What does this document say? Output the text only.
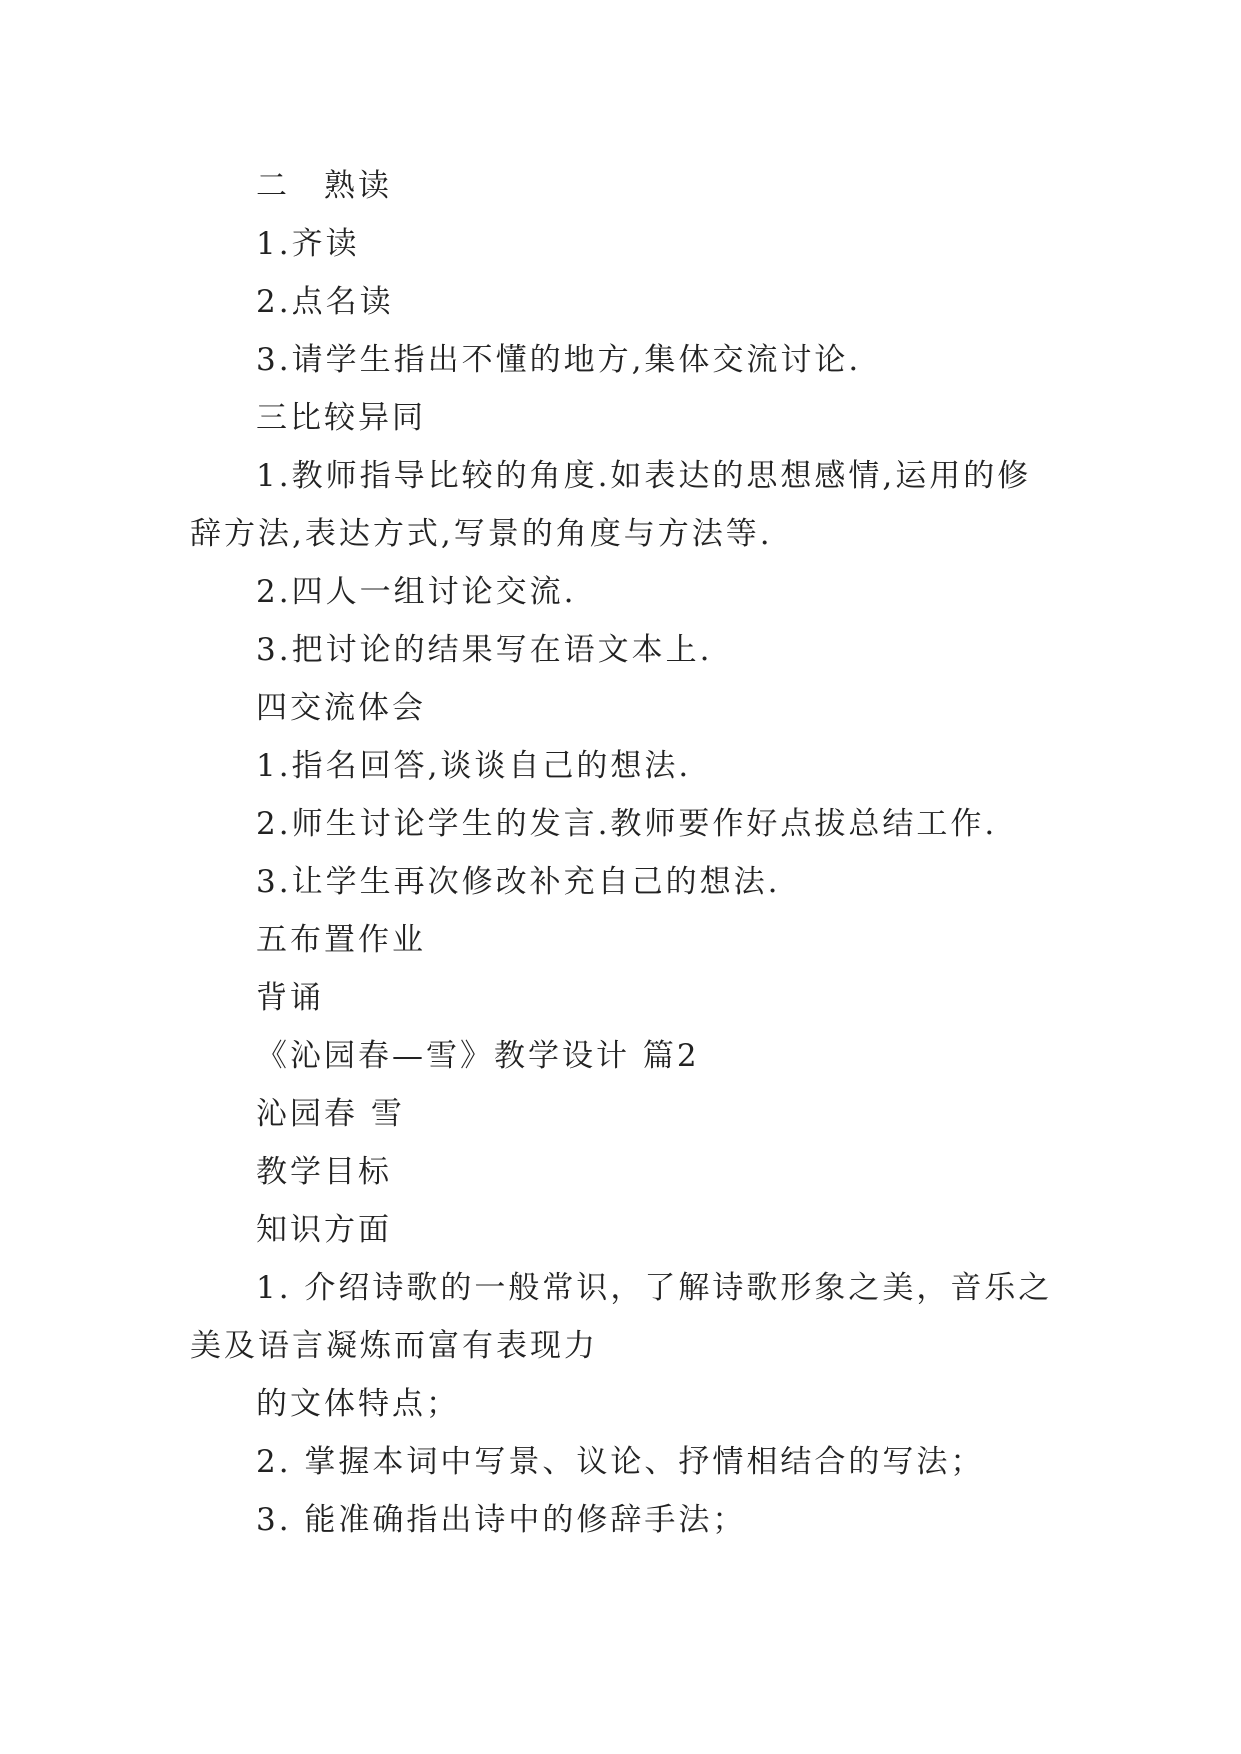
二　熟读
1.齐读
2.点名读
3.请学生指出不懂的地方,集体交流讨论.
三比较异同
1.教师指导比较的角度.如表达的思想感情,运用的修
辞方法,表达方式,写景的角度与方法等.
2.四人一组讨论交流.
3.把讨论的结果写在语文本上.
四交流体会
1.指名回答,谈谈自己的想法.
2.师生讨论学生的发言.教师要作好点拔总结工作.
3.让学生再次修改补充自己的想法.
五布置作业
背诵
《沁园春—雪》教学设计 篇2
沁园春 雪
教学目标
知识方面
1. 介绍诗歌的一般常识，了解诗歌形象之美，音乐之
美及语言凝炼而富有表现力
的文体特点；
2. 掌握本词中写景、议论、抒情相结合的写法；
3. 能准确指出诗中的修辞手法；
